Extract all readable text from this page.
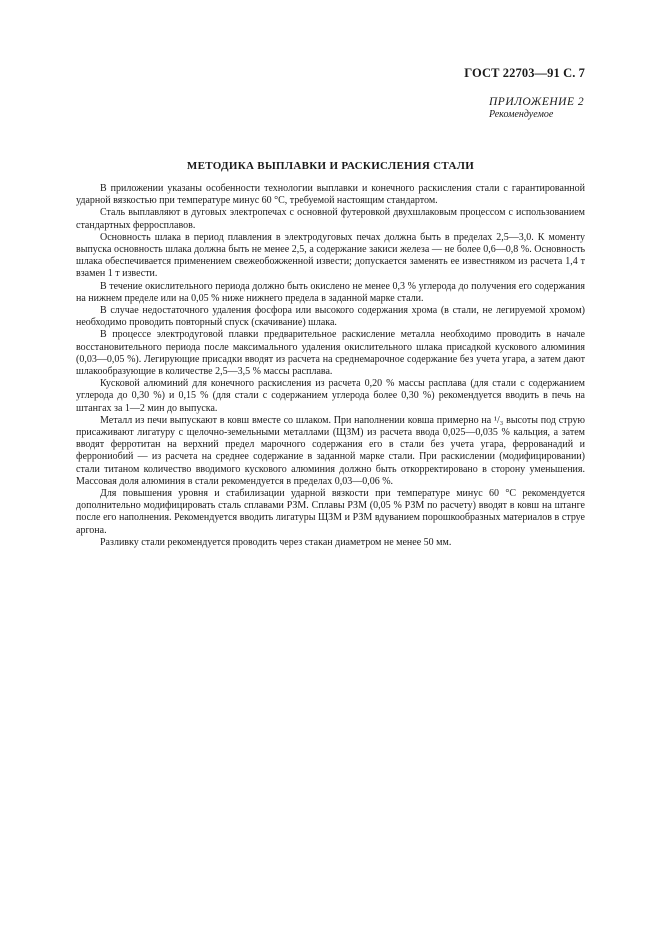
ГОСТ 22703—91 С. 7
ПРИЛОЖЕНИЕ 2
Рекомендуемое
МЕТОДИКА ВЫПЛАВКИ И РАСКИСЛЕНИЯ СТАЛИ

В приложении указаны особенности технологии выплавки и конечного раскисления стали с гарантированной ударной вязкостью при температуре минус 60 °С, требуемой настоящим стандартом.

Сталь выплавляют в дуговых электропечах с основной футеровкой двухшлаковым процессом с использованием стандартных ферросплавов.

Основность шлака в период плавления в электродуговых печах должна быть в пределах 2,5—3,0. К моменту выпуска основность шлака должна быть не менее 2,5, а содержание закиси железа — не более 0,6—0,8 %. Основность шлака обеспечивается применением свежеобожженной извести; допускается заменять ее известняком из расчета 1,4 т взамен 1 т извести.

В течение окислительного периода должно быть окислено не менее 0,3 % углерода до получения его содержания на нижнем пределе или на 0,05 % ниже нижнего предела в заданной марке стали.

В случае недостаточного удаления фосфора или высокого содержания хрома (в стали, не легируемой хромом) необходимо проводить повторный спуск (скачивание) шлака.

В процессе электродуговой плавки предварительное раскисление металла необходимо проводить в начале восстановительного периода после максимального удаления окислительного шлака присадкой кускового алюминия (0,03—0,05 %). Легирующие присадки вводят из расчета на среднемарочное содержание без учета угара, а затем дают шлакообразующие в количестве 2,5—3,5 % массы расплава.

Кусковой алюминий для конечного раскисления из расчета 0,20 % массы расплава (для стали с содержанием углерода до 0,30 %) и 0,15 % (для стали с содержанием углерода более 0,30 %) рекомендуется вводить в печь на штангах за 1—2 мин до выпуска.

Металл из печи выпускают в ковш вместе со шлаком. При наполнении ковша примерно на ¹/₃ высоты под струю присаживают лигатуру с щелочно-земельными металлами (ЩЗМ) из расчета ввода 0,025—0,035 % кальция, а затем вводят ферротитан на верхний предел марочного содержания его в стали без учета угара, феррованадий и феррониобий — из расчета на среднее содержание в заданной марке стали. При раскислении (модифицировании) стали титаном количество вводимого кускового алюминия должно быть откорректировано в сторону уменьшения. Массовая доля алюминия в стали рекомендуется в пределах 0,03—0,06 %.

Для повышения уровня и стабилизации ударной вязкости при температуре минус 60 °С рекомендуется дополнительно модифицировать сталь сплавами РЗМ. Сплавы РЗМ (0,05 % РЗМ по расчету) вводят в ковш на штанге после его наполнения. Рекомендуется вводить лигатуры ЩЗМ и РЗМ вдуванием порошкообразных материалов в струе аргона.

Разливку стали рекомендуется проводить через стакан диаметром не менее 50 мм.
